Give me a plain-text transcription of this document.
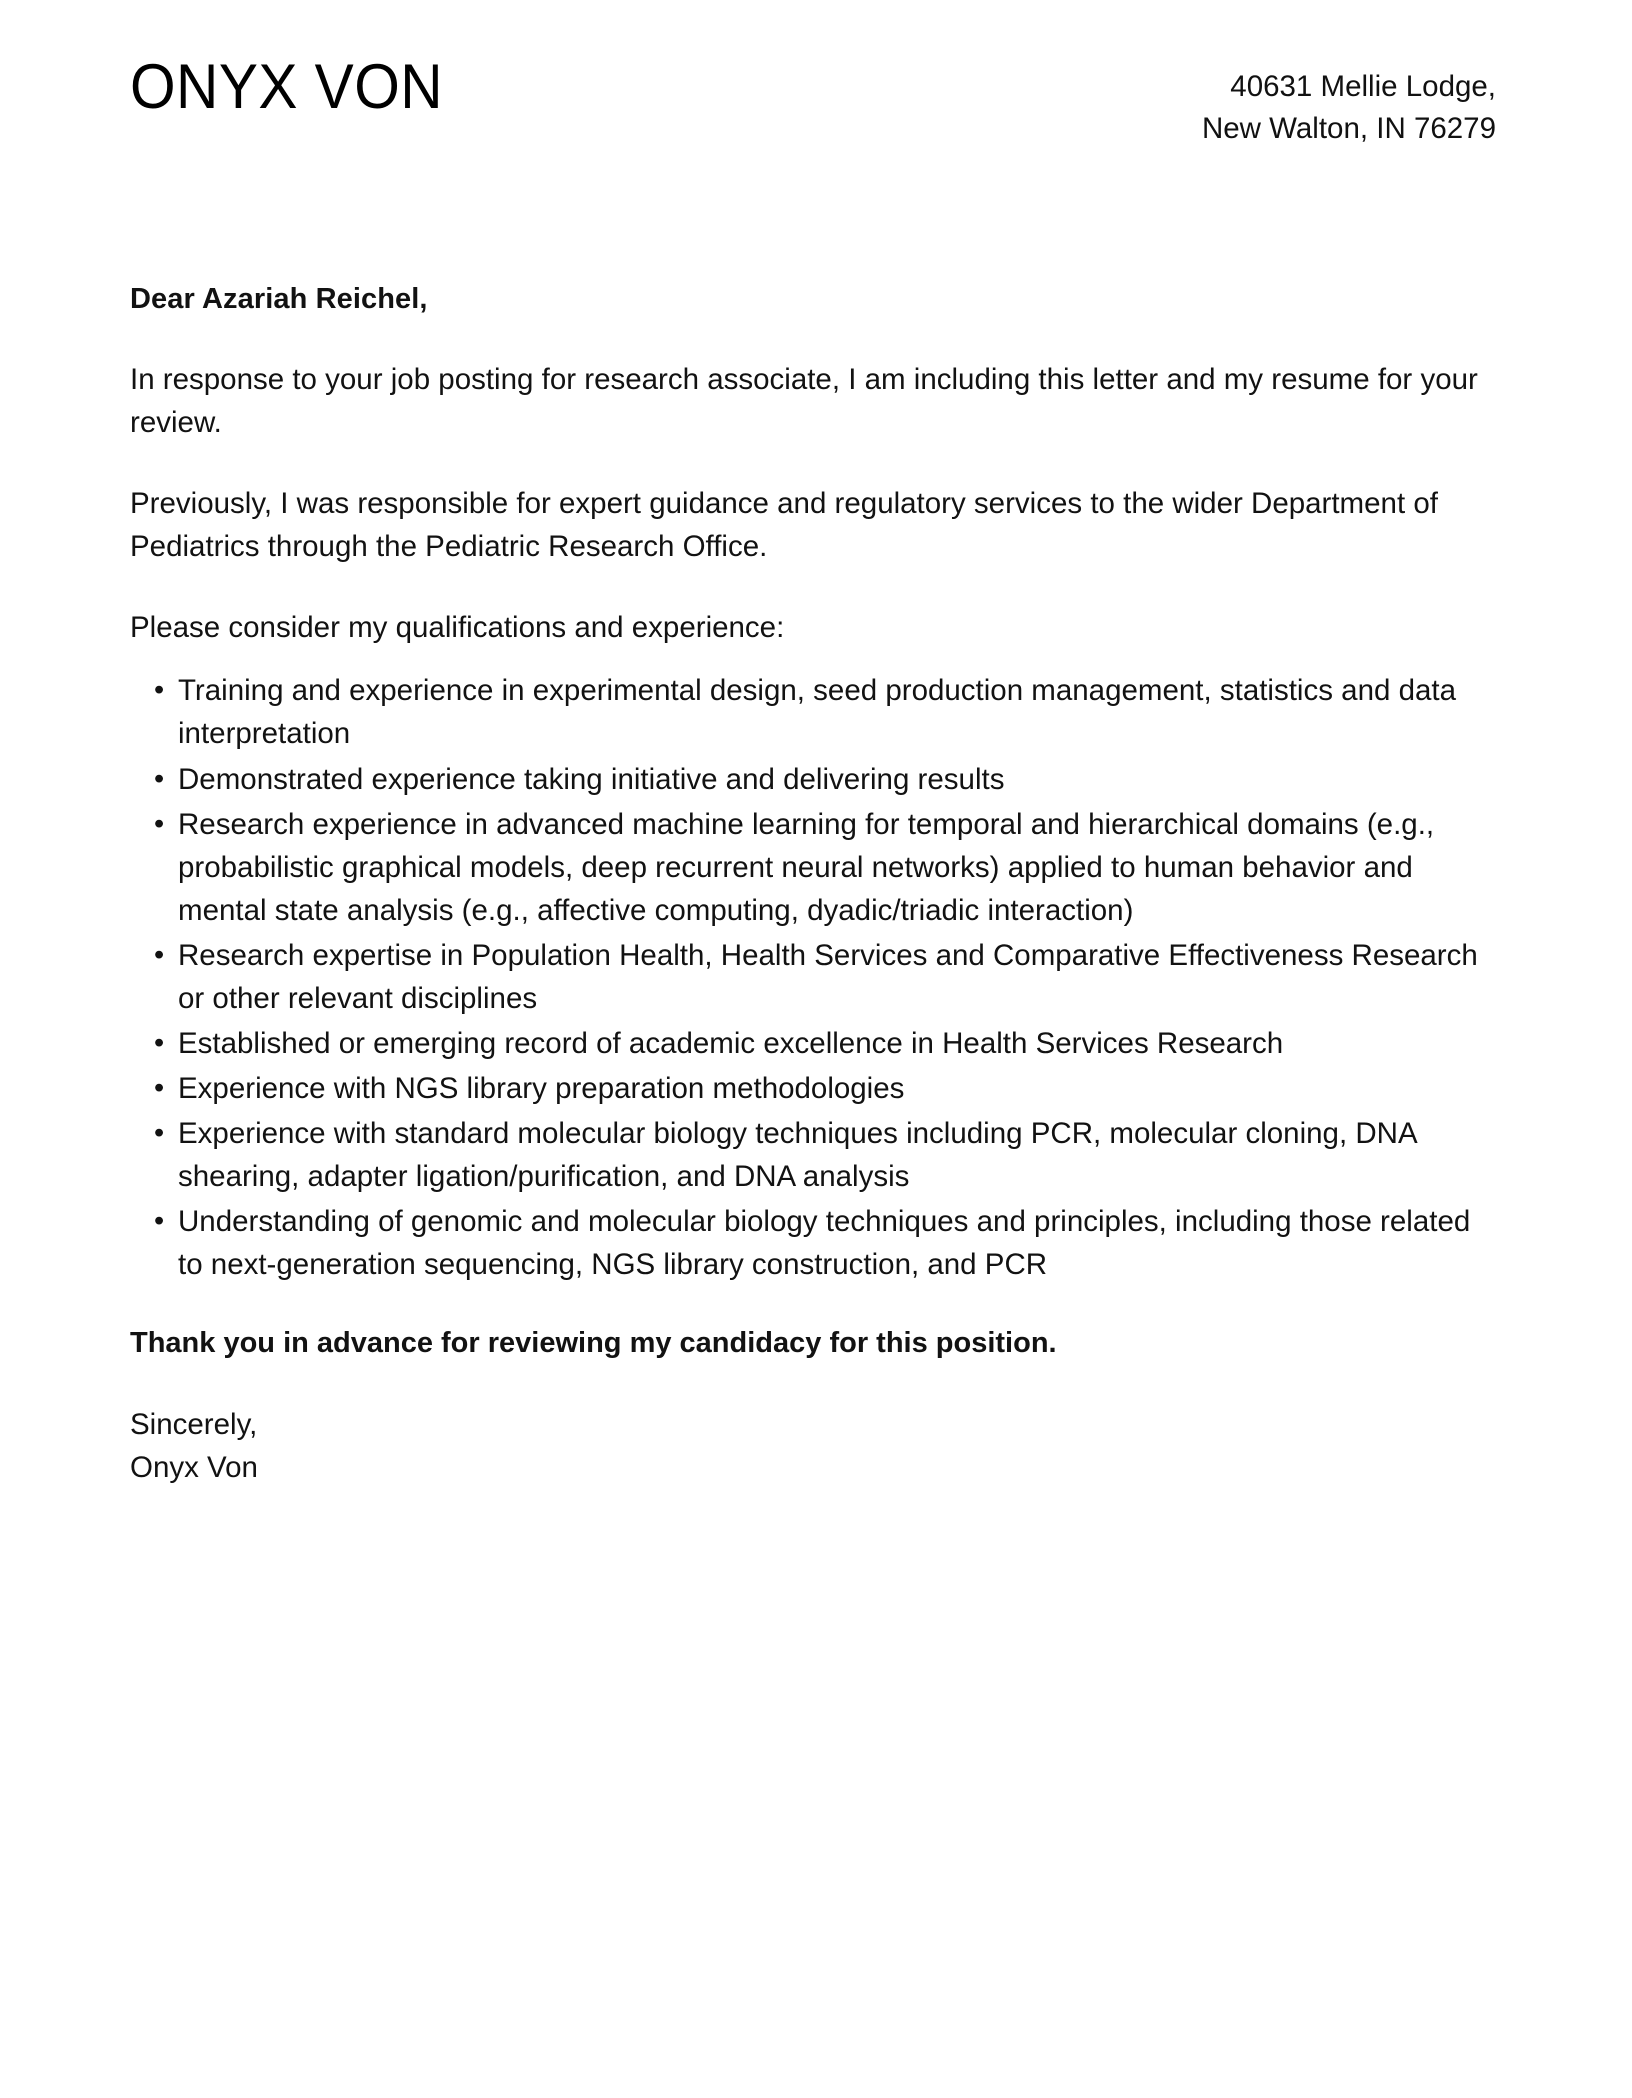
ONYX VON	40631 Mellie Lodge,
New Walton, IN 76279

Dear Azariah Reichel,

In response to your job posting for research associate, I am including this letter and my resume for your review.

Previously, I was responsible for expert guidance and regulatory services to the wider Department of Pediatrics through the Pediatric Research Office.

Please consider my qualifications and experience:

• Training and experience in experimental design, seed production management, statistics and data interpretation
• Demonstrated experience taking initiative and delivering results
• Research experience in advanced machine learning for temporal and hierarchical domains (e.g., probabilistic graphical models, deep recurrent neural networks) applied to human behavior and mental state analysis (e.g., affective computing, dyadic/triadic interaction)
• Research expertise in Population Health, Health Services and Comparative Effectiveness Research or other relevant disciplines
• Established or emerging record of academic excellence in Health Services Research
• Experience with NGS library preparation methodologies
• Experience with standard molecular biology techniques including PCR, molecular cloning, DNA shearing, adapter ligation/purification, and DNA analysis
• Understanding of genomic and molecular biology techniques and principles, including those related to next-generation sequencing, NGS library construction, and PCR

Thank you in advance for reviewing my candidacy for this position.

Sincerely,
Onyx Von
